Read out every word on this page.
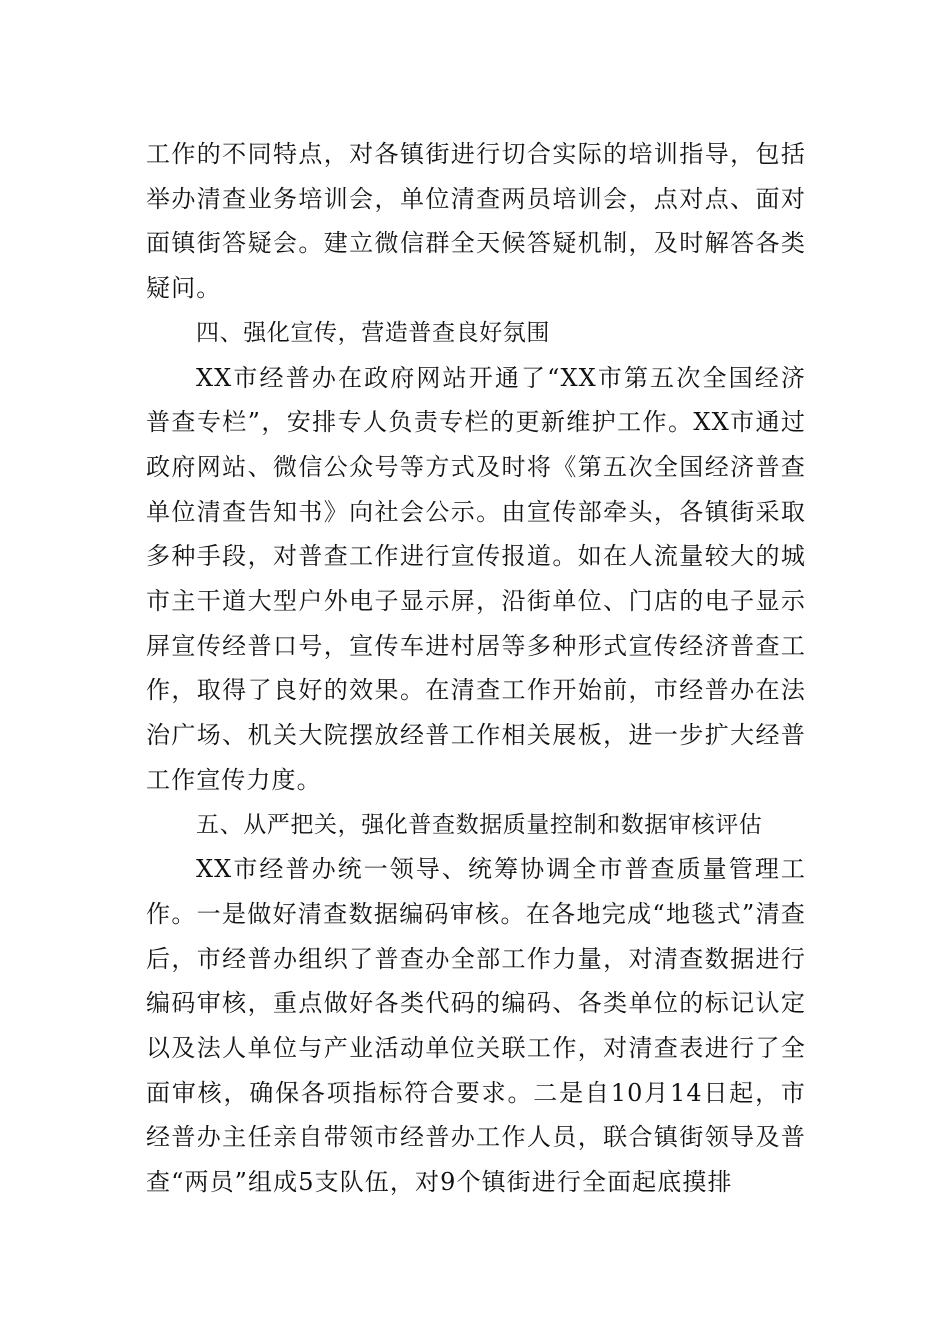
工作的不同特点，对各镇街进行切合实际的培训指导，包括举办清查业务培训会，单位清查两员培训会，点对点、面对面镇街答疑会。建立微信群全天候答疑机制，及时解答各类疑问。

四、强化宣传，营造普查良好氛围

XX市经普办在政府网站开通了“XX市第五次全国经济普查专栏”，安排专人负责专栏的更新维护工作。XX市通过政府网站、微信公众号等方式及时将《第五次全国经济普查单位清查告知书》向社会公示。由宣传部牵头，各镇街采取多种手段，对普查工作进行宣传报道。如在人流量较大的城市主干道大型户外电子显示屏，沿街单位、门店的电子显示屏宣传经普口号，宣传车进村居等多种形式宣传经济普查工作，取得了良好的效果。在清查工作开始前，市经普办在法治广场、机关大院摆放经普工作相关展板，进一步扩大经普工作宣传力度。

五、从严把关，强化普查数据质量控制和数据审核评估

XX市经普办统一领导、统筹协调全市普查质量管理工作。一是做好清查数据编码审核。在各地完成“地毯式”清查后，市经普办组织了普查办全部工作力量，对清查数据进行编码审核，重点做好各类代码的编码、各类单位的标记认定以及法人单位与产业活动单位关联工作，对清查表进行了全面审核，确保各项指标符合要求。二是自10月14日起，市经普办主任亲自带领市经普办工作人员，联合镇街领导及普查“两员”组成5支队伍，对9个镇街进行全面起底摸排
